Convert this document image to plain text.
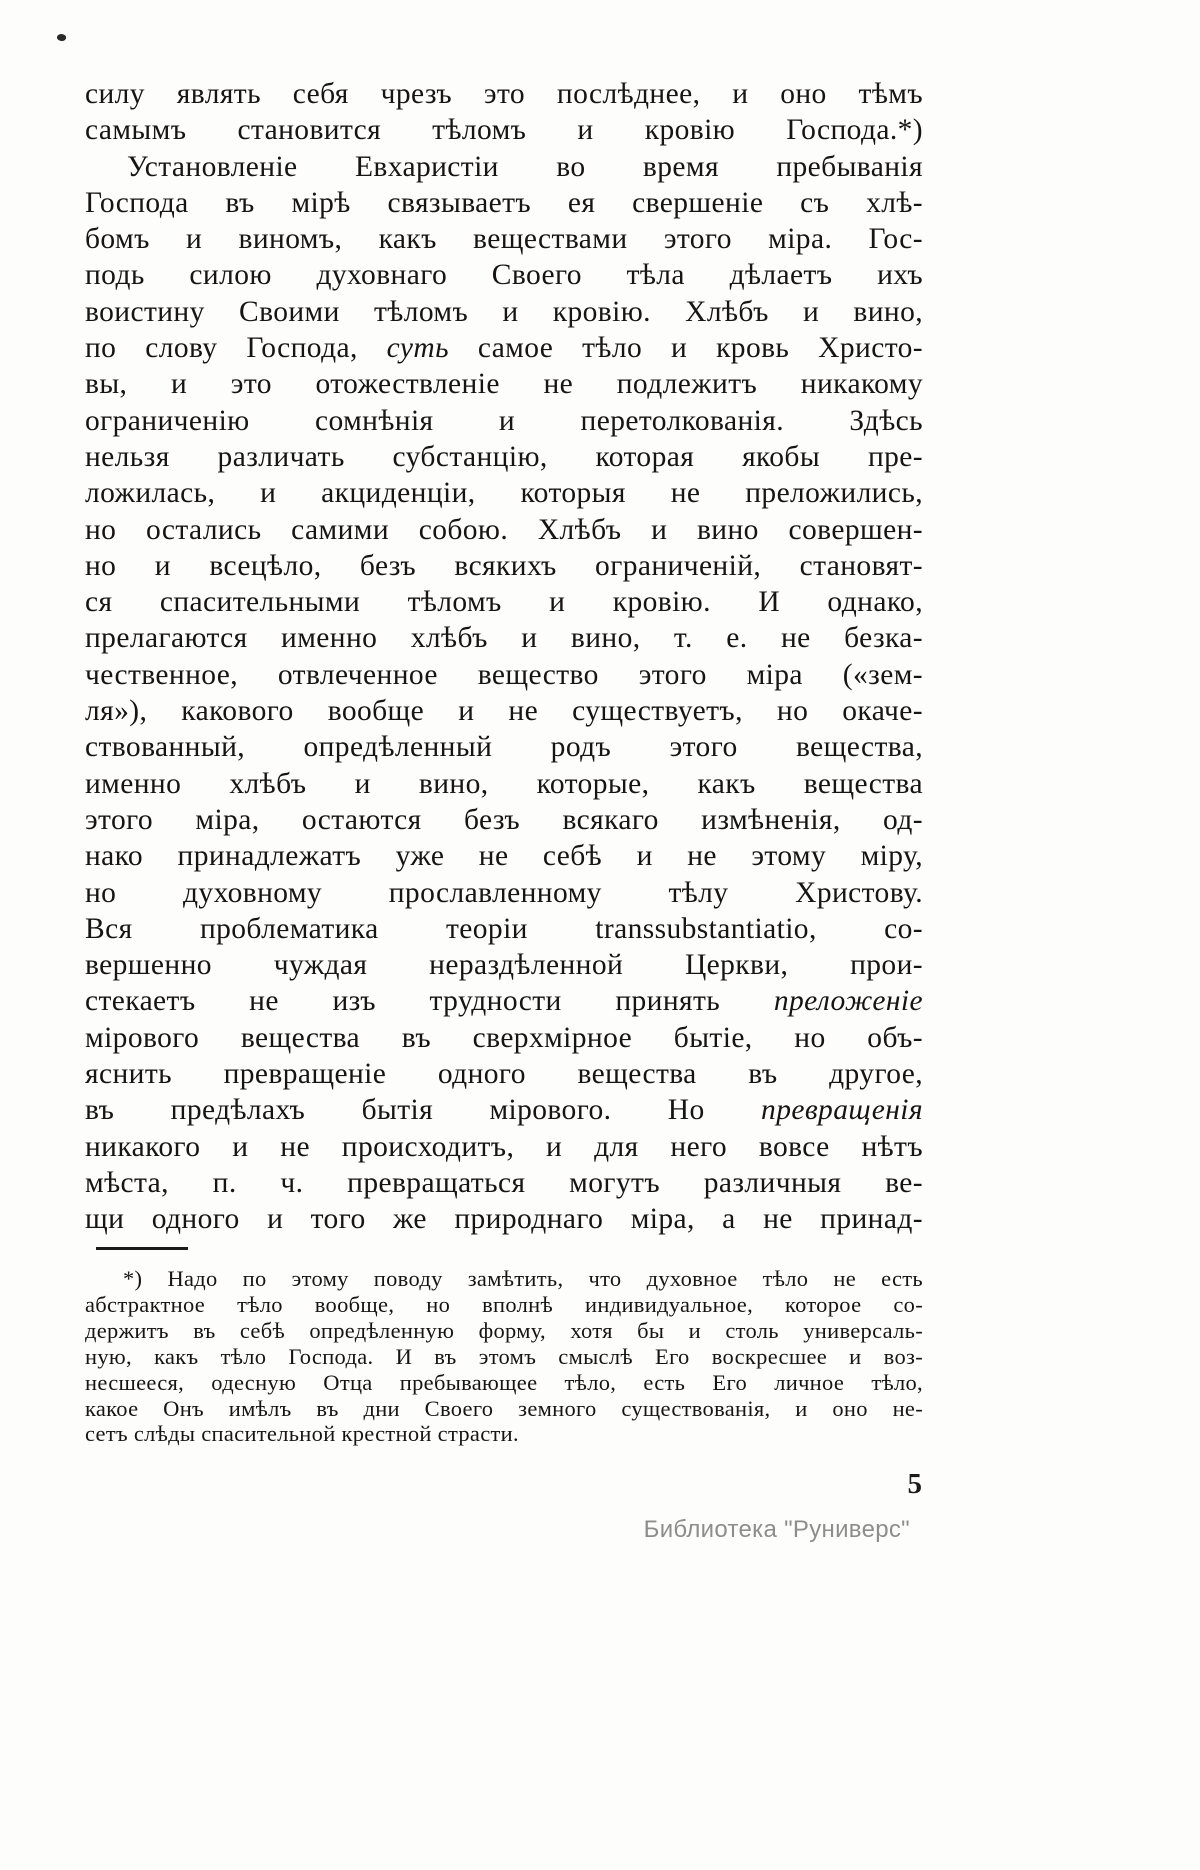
силу являть себя чрезъ это послѣднее, и оно тѣмъ
самымъ становится тѣломъ и кровію Господа.*)
Установленіе Евхаристіи во время пребыванія
Господа въ мірѣ связываетъ ея свершеніе съ хлѣ-
бомъ и виномъ, какъ веществами этого міра. Гос-
подь силою духовнаго Своего тѣла дѣлаетъ ихъ
воистину Своими тѣломъ и кровію. Хлѣбъ и вино,
по слову Господа, суть самое тѣло и кровь Христо-
вы, и это отожествленіе не подлежитъ никакому
ограниченію сомнѣнія и перетолкованія. Здѣсь
нельзя различать субстанцію, которая якобы пре-
ложилась, и акциденціи, которыя не преложились,
но остались самими собою. Хлѣбъ и вино совершен-
но и всецѣло, безъ всякихъ ограниченій, становят-
ся спасительными тѣломъ и кровію. И однако,
прелагаются именно хлѣбъ и вино, т. е. не безка-
чественное, отвлеченное вещество этого міра («зем-
ля»), какового вообще и не существуетъ, но окаче-
ствованный, опредѣленный родъ этого вещества,
именно хлѣбъ и вино, которые, какъ вещества
этого міра, остаются безъ всякаго измѣненія, од-
нако принадлежатъ уже не себѣ и не этому міру,
но духовному прославленному тѣлу Христову.
Вся проблематика теоріи transsubstantiatio, со-
вершенно чуждая нераздѣленной Церкви, прои-
стекаетъ не изъ трудности принять преложеніе
мірового вещества въ сверхмірное бытіе, но объ-
яснить превращеніе одного вещества въ другое,
въ предѣлахъ бытія мірового. Но превращенія
никакого и не происходитъ, и для него вовсе нѣтъ
мѣста, п. ч. превращаться могутъ различныя ве-
щи одного и того же природнаго міра, а не принад-
*) Надо по этому поводу замѣтить, что духовное тѣло не есть
абстрактное тѣло вообще, но вполнѣ индивидуальное, которое со-
держитъ въ себѣ опредѣленную форму, хотя бы и столь универсаль-
ную, какъ тѣло Господа. И въ этомъ смыслѣ Его воскресшее и воз-
несшееся, одесную Отца пребывающее тѣло, есть Его личное тѣло,
какое Онъ имѣлъ въ дни Своего земного существованія, и оно не-
сетъ слѣды спасительной крестной страсти.
5
Библиотека "Руниверс"
